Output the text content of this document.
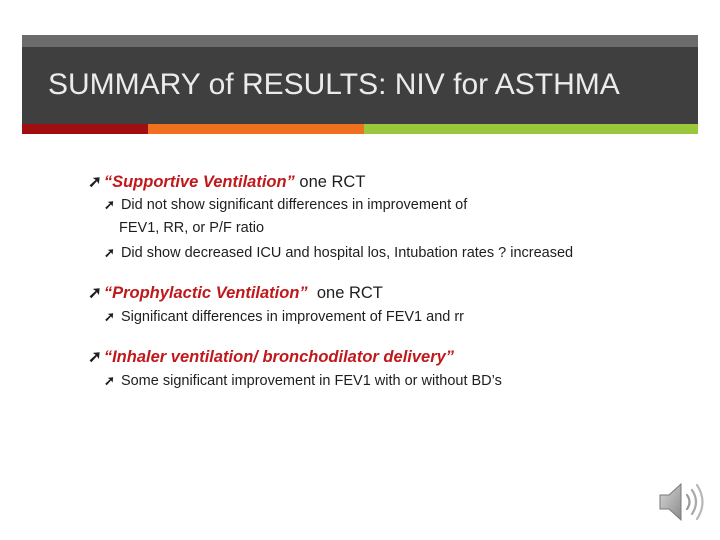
SUMMARY of RESULTS: NIV for ASTHMA
➚ “Supportive Ventilation” one RCT
➚ Did not show significant differences in improvement of
FEV1, RR, or P/F ratio
➚ Did show decreased ICU and hospital los, Intubation rates ? increased
➚ “Prophylactic Ventilation”  one RCT
➚ Significant differences in improvement of FEV1 and rr
➚ “Inhaler ventilation/ bronchodilator delivery”
➚ Some significant improvement in FEV1 with or without BD’s
